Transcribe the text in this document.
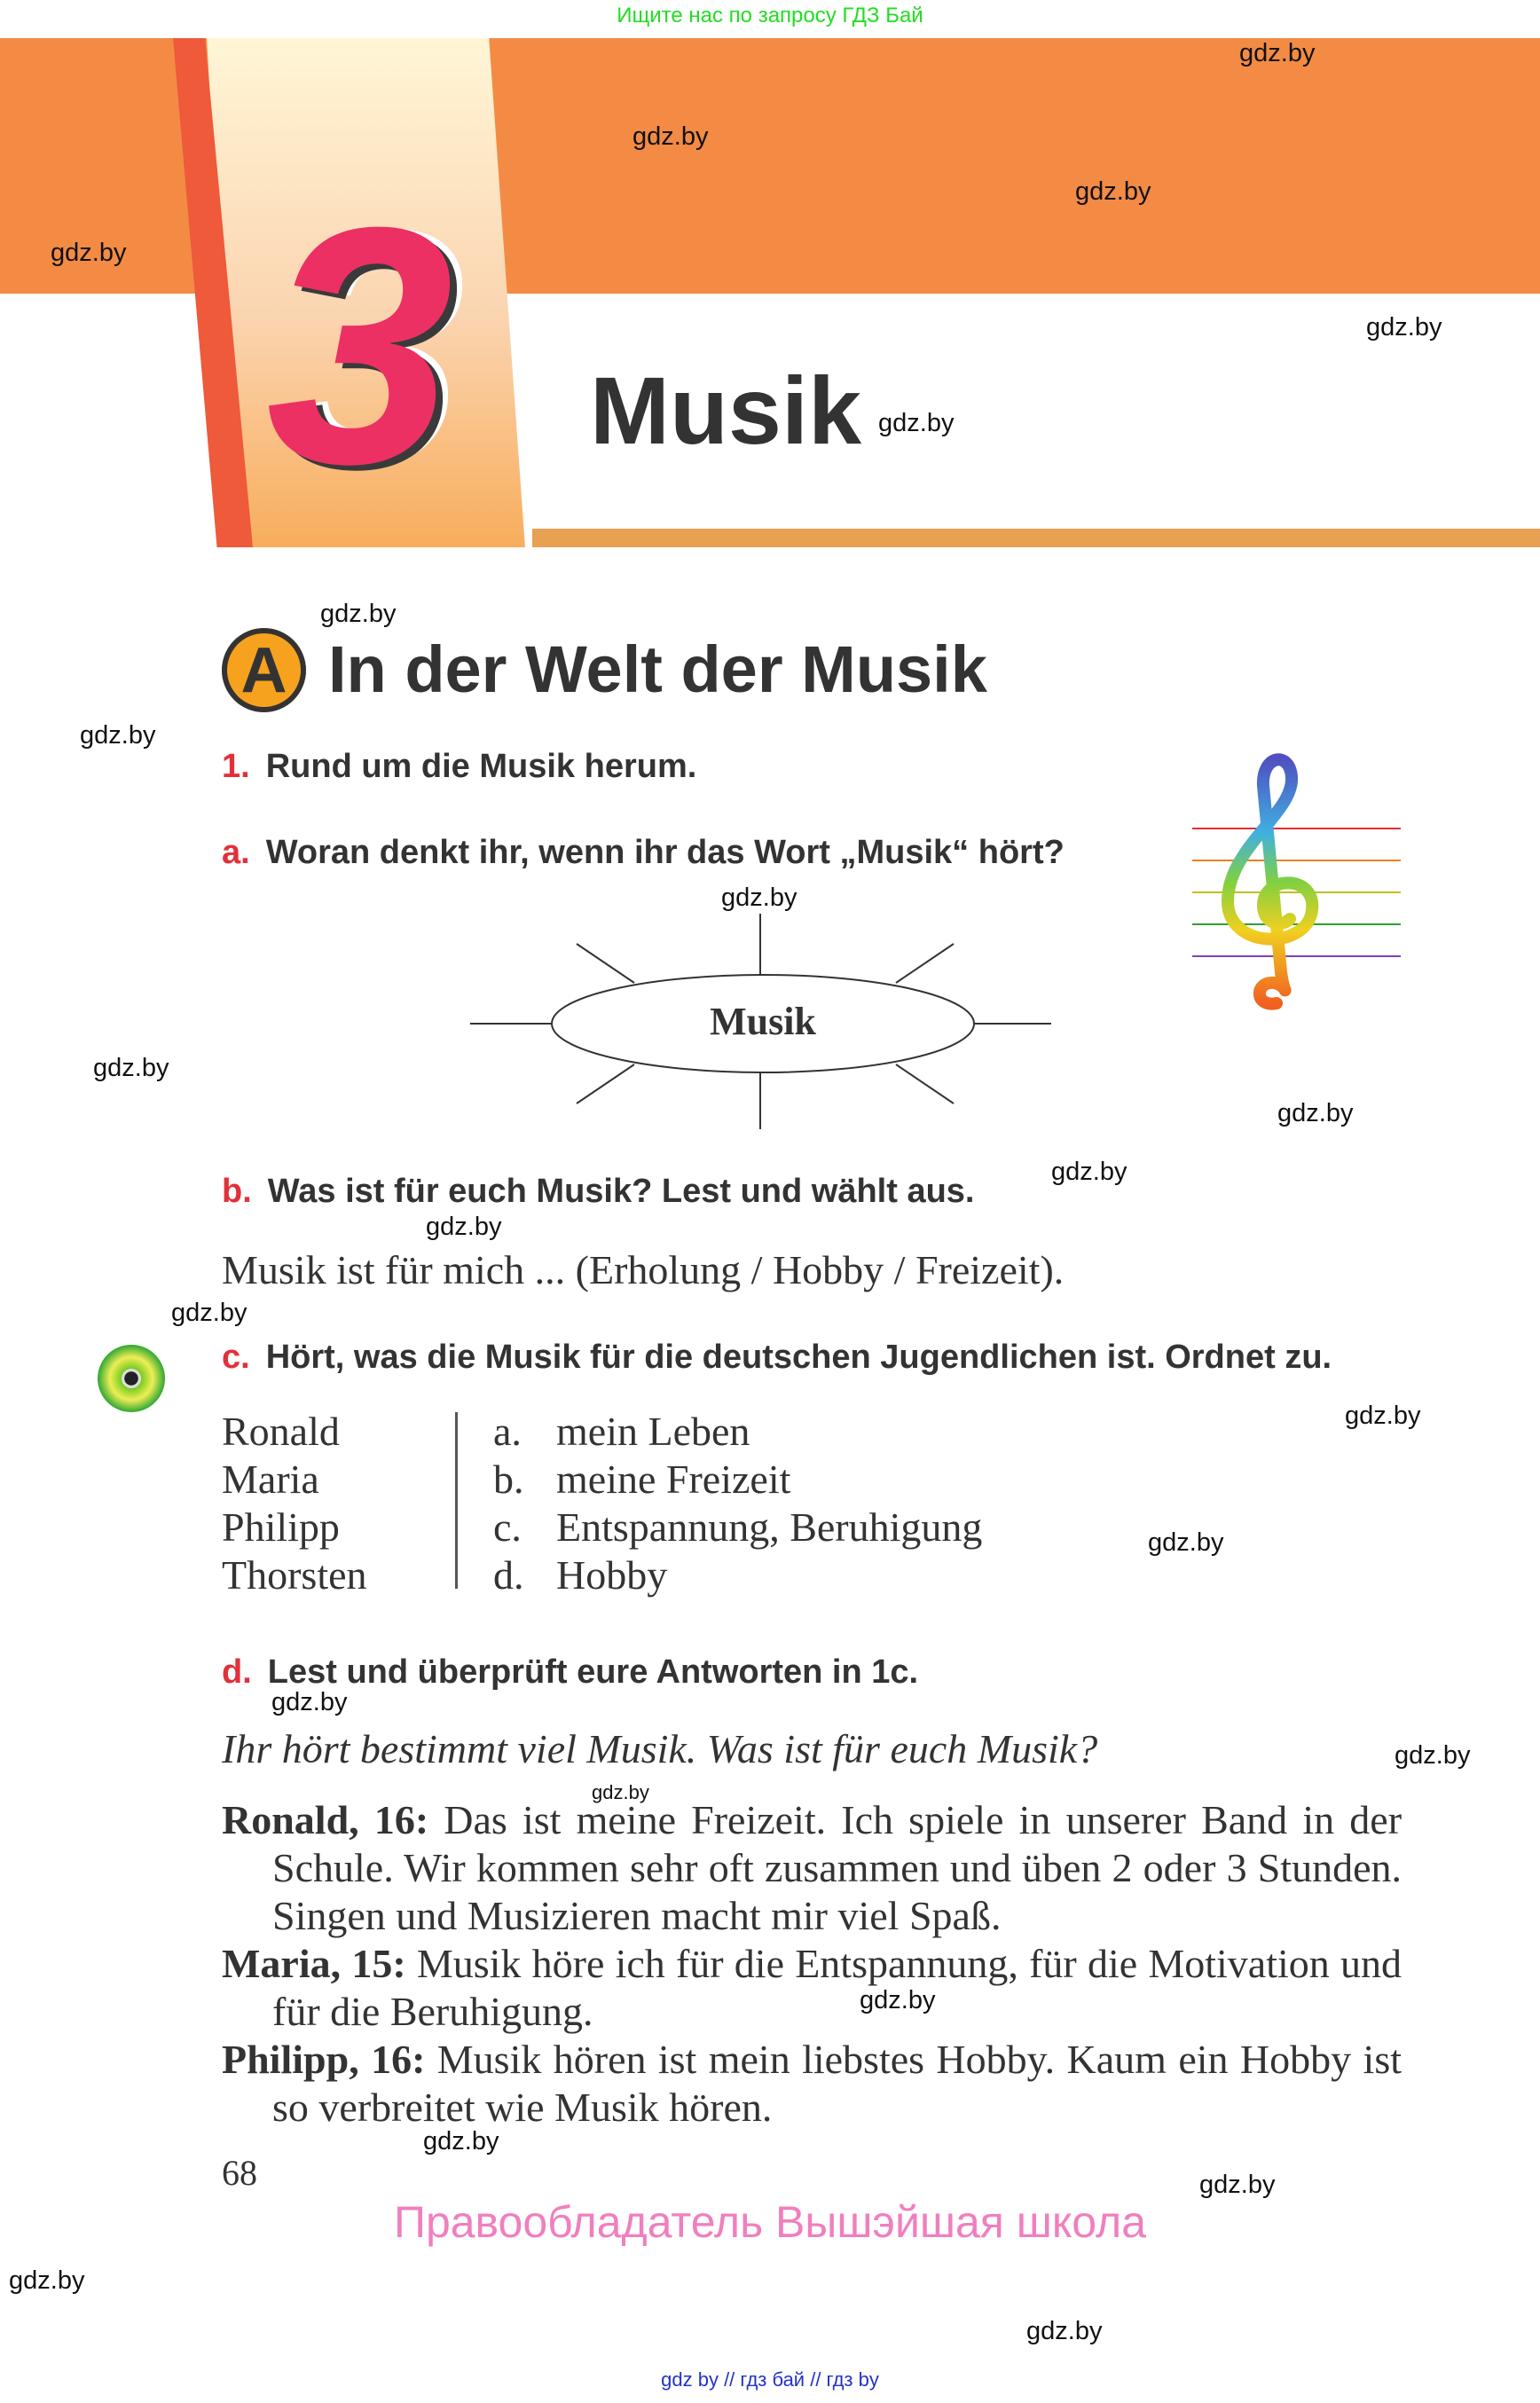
Ищите нас по запросу ГДЗ Бай
3 Musik
A In der Welt der Musik
1. Rund um die Musik herum.
a. Woran denkt ihr, wenn ihr das Wort „Musik“ hört?
Musik
b. Was ist für euch Musik? Lest und wählt aus.
Musik ist für mich ... (Erholung / Hobby / Freizeit).
c. Hört, was die Musik für die deutschen Jugendlichen ist. Ordnet zu.
Ronald
Maria
Philipp
Thorsten
a. mein Leben
b. meine Freizeit
c. Entspannung, Beruhigung
d. Hobby
d. Lest und überprüft eure Antworten in 1c.
Ihr hört bestimmt viel Musik. Was ist für euch Musik?
Ronald, 16: Das ist meine Freizeit. Ich spiele in unserer Band in der Schule. Wir kommen sehr oft zusammen und üben 2 oder 3 Stunden. Singen und Musizieren macht mir viel Spaß.
Maria, 15: Musik höre ich für die Entspannung, für die Motivation und für die Beruhigung.
Philipp, 16: Musik hören ist mein liebstes Hobby. Kaum ein Hobby ist so verbreitet wie Musik hören.
68
Правообладатель Вышэйшая школа
gdz by // гдз бай // гдз by
gdz.by
gdz.by
gdz.by
gdz.by
gdz.by
gdz.by
gdz.by
gdz.by
gdz.by
gdz.by
gdz.by
gdz.by
gdz.by
gdz.by
gdz.by
gdz.by
gdz.by
gdz.by
gdz.by
gdz.by
gdz.by
gdz.by
gdz.by
gdz.by
